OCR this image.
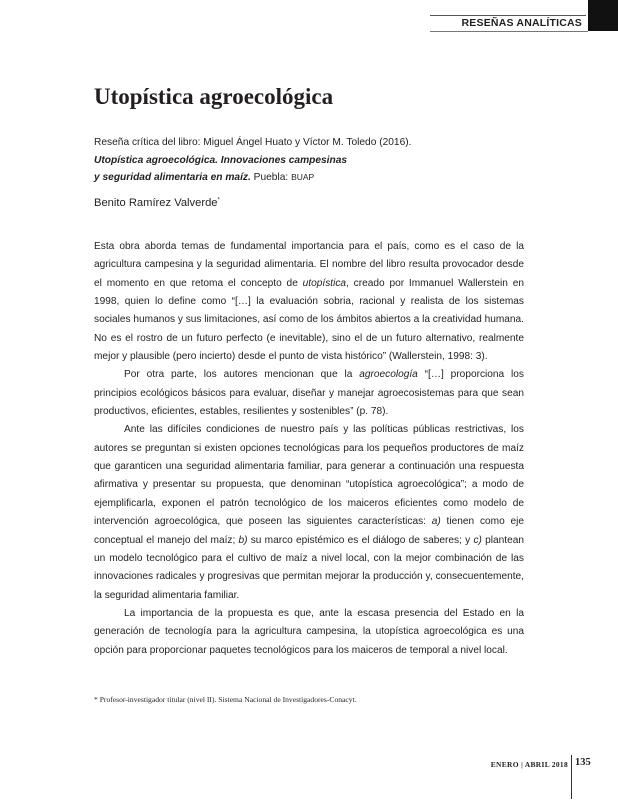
RESEÑAS ANALÍTICAS
Utopística agroecológica
Reseña crítica del libro: Miguel Ángel Huato y Víctor M. Toledo (2016).
Utopística agroecológica. Innovaciones campesinas
y seguridad alimentaria en maíz. Puebla: BUAP
Benito Ramírez Valverde*

Esta obra aborda temas de fundamental importancia para el país, como es el caso de la agricultura campesina y la seguridad alimentaria. El nombre del libro resulta provocador desde el momento en que retoma el concepto de utopística, creado por Immanuel Wallerstein en 1998, quien lo define como “[…] la evaluación sobria, racional y realista de los sistemas sociales humanos y sus limitaciones, así como de los ámbitos abiertos a la creatividad humana. No es el rostro de un futuro perfecto (e inevitable), sino el de un futuro alternativo, realmente mejor y plausible (pero incierto) desde el punto de vista histórico” (Wallerstein, 1998: 3).

Por otra parte, los autores mencionan que la agroecología “[…] proporciona los principios ecológicos básicos para evaluar, diseñar y manejar agroecosistemas para que sean productivos, eficientes, estables, resilientes y sostenibles” (p. 78).

Ante las difíciles condiciones de nuestro país y las políticas públicas restrictivas, los autores se preguntan si existen opciones tecnológicas para los pequeños productores de maíz que garanticen una seguridad alimentaria familiar, para generar a continuación una respuesta afirmativa y presentar su propuesta, que denominan “utopística agroecológica”; a modo de ejemplificarla, exponen el patrón tecnológico de los maiceros eficientes como modelo de intervención agroecológica, que poseen las siguientes características: a) tienen como eje conceptual el manejo del maíz; b) su marco epistémico es el diálogo de saberes; y c) plantean un modelo tecnológico para el cultivo de maíz a nivel local, con la mejor combinación de las innovaciones radicales y progresivas que permitan mejorar la producción y, consecuentemente, la seguridad alimentaria familiar.

La importancia de la propuesta es que, ante la escasa presencia del Estado en la generación de tecnología para la agricultura campesina, la utopística agroecológica es una opción para proporcionar paquetes tecnológicos para los maiceros de temporal a nivel local.

* Profesor-investigador titular (nivel II). Sistema Nacional de Investigadores-Conacyt.
ENERO | ABRIL 2018 135
